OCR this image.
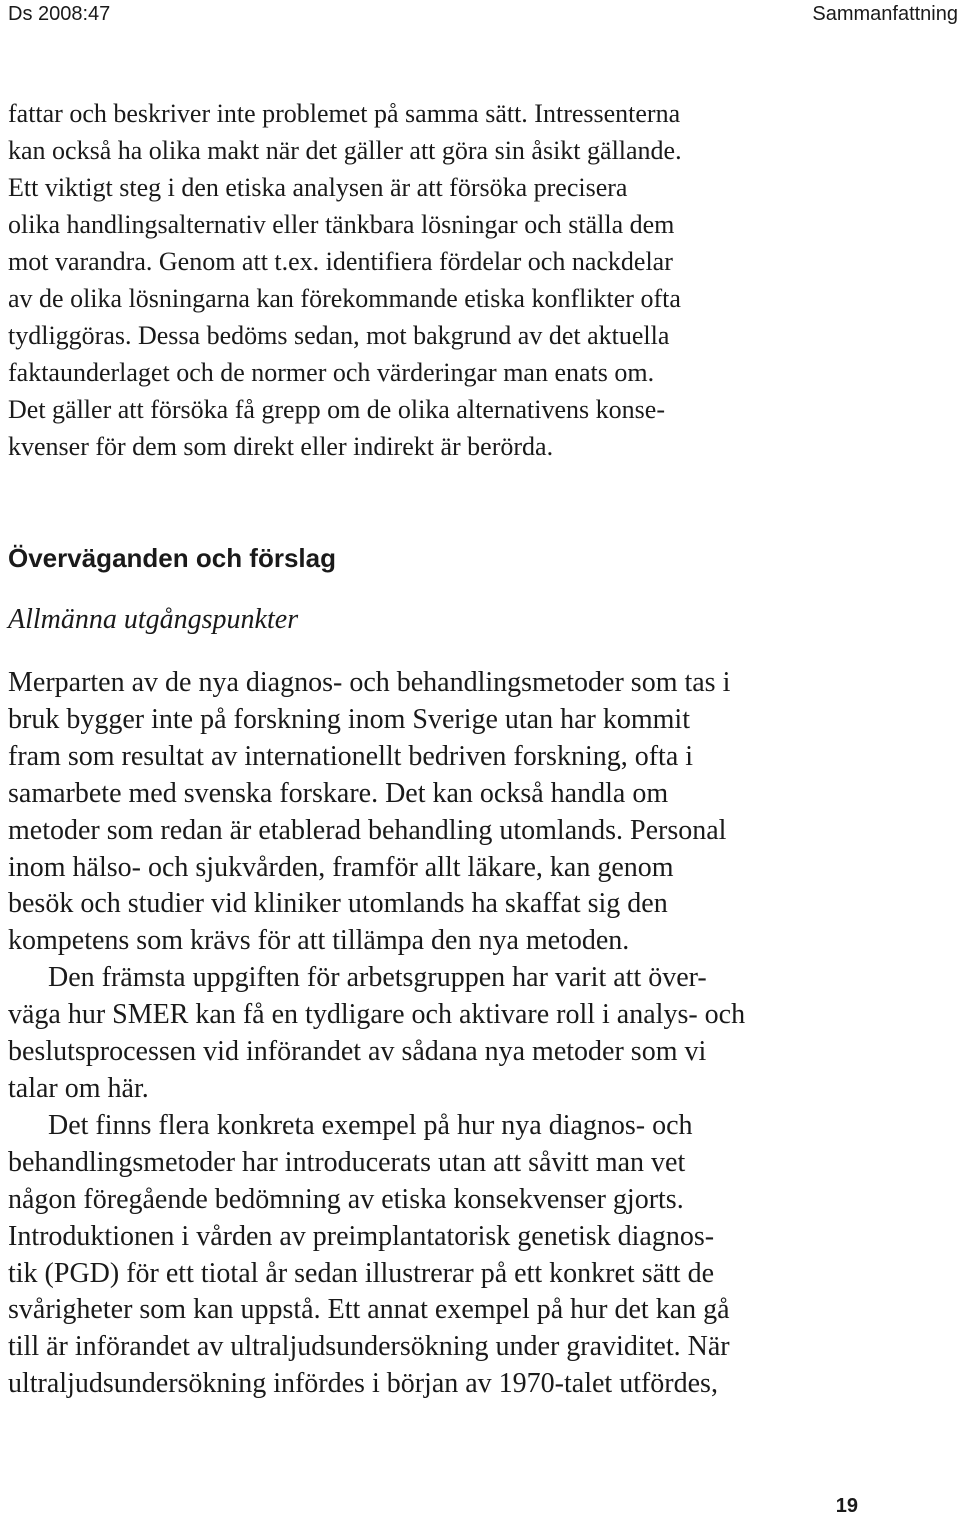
Ds 2008:47	Sammanfattning

fattar och beskriver inte problemet på samma sätt. Intressenterna
kan också ha olika makt när det gäller att göra sin åsikt gällande.
Ett viktigt steg i den etiska analysen är att försöka precisera
olika handlingsalternativ eller tänkbara lösningar och ställa dem
mot varandra. Genom att t.ex. identifiera fördelar och nackdelar
av de olika lösningarna kan förekommande etiska konflikter ofta
tydliggöras. Dessa bedöms sedan, mot bakgrund av det aktuella
faktaunderlaget och de normer och värderingar man enats om.
Det gäller att försöka få grepp om de olika alternativens konse-
kvenser för dem som direkt eller indirekt är berörda.

Överväganden och förslag
Allmänna utgångspunkter

Merparten av de nya diagnos- och behandlingsmetoder som tas i
bruk bygger inte på forskning inom Sverige utan har kommit
fram som resultat av internationellt bedriven forskning, ofta i
samarbete med svenska forskare. Det kan också handla om
metoder som redan är etablerad behandling utomlands. Personal
inom hälso- och sjukvården, framför allt läkare, kan genom
besök och studier vid kliniker utomlands ha skaffat sig den
kompetens som krävs för att tillämpa den nya metoden.
Den främsta uppgiften för arbetsgruppen har varit att över-
väga hur SMER kan få en tydligare och aktivare roll i analys- och
beslutsprocessen vid införandet av sådana nya metoder som vi
talar om här.
Det finns flera konkreta exempel på hur nya diagnos- och
behandlingsmetoder har introducerats utan att såvitt man vet
någon föregående bedömning av etiska konsekvenser gjorts.
Introduktionen i vården av preimplantatorisk genetisk diagnos-
tik (PGD) för ett tiotal år sedan illustrerar på ett konkret sätt de
svårigheter som kan uppstå. Ett annat exempel på hur det kan gå
till är införandet av ultraljudsundersökning under graviditet. När
ultraljudsundersökning infördes i början av 1970-talet utfördes,

19
